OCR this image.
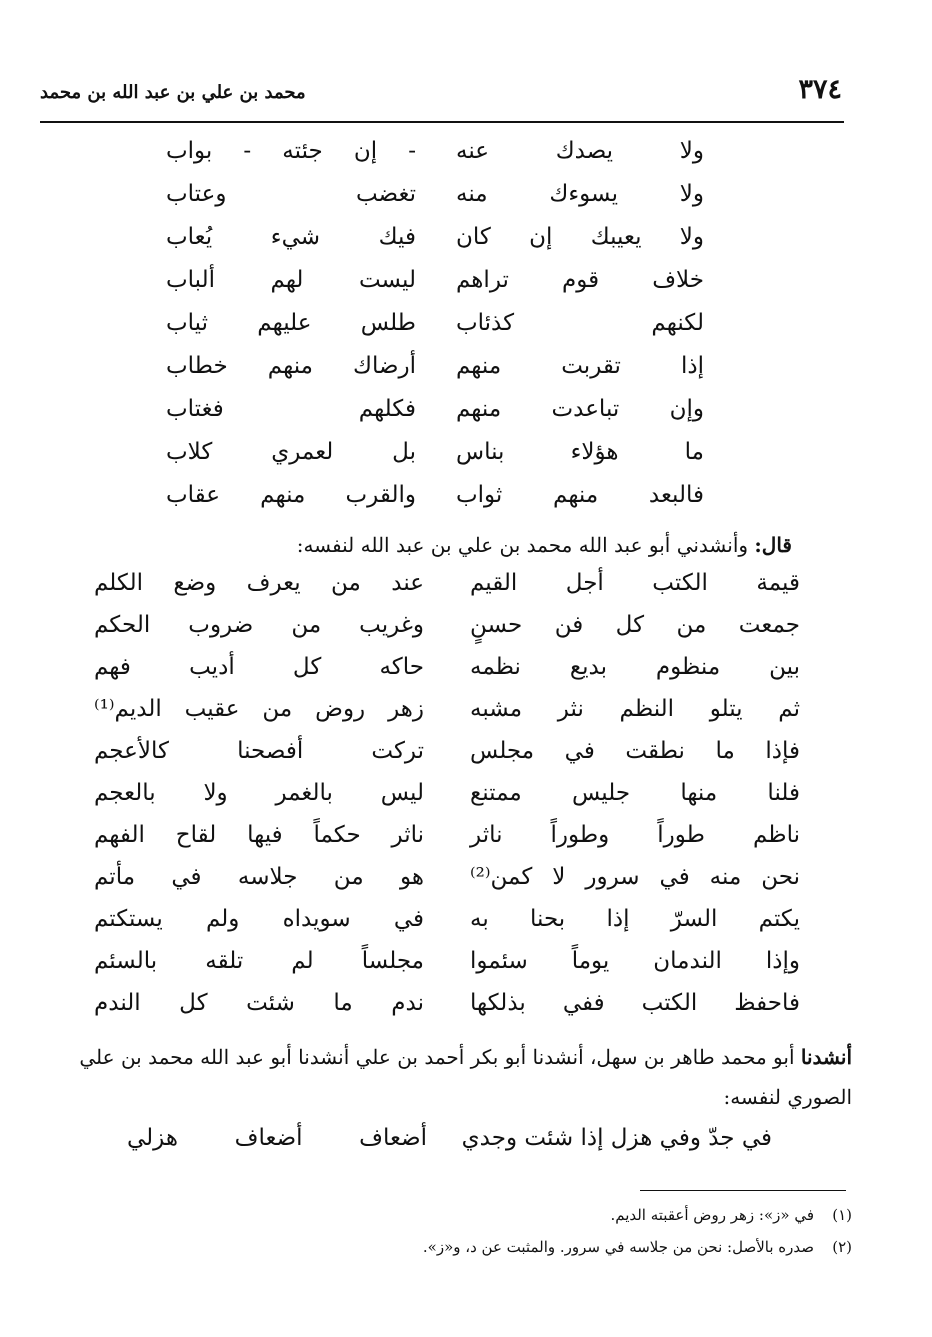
٣٧٤
محمد بن علي بن عبد الله بن محمد
ولا يصدك عنه
- إن جئته - بواب
ولا يسوءك منه
تغضب وعتاب
ولا يعيبك إن كان
فيك شيء يُعاب
خلاف قوم تراهم
ليست لهم ألباب
لكنهم كذئاب
طلس عليهم ثياب
إذا تقربت منهم
أرضاك منهم خطاب
وإن تباعدت منهم
فكلهم فغتاب
ما هؤلاء بناس
بل لعمري كلاب
فالبعد منهم ثواب
والقرب منهم عقاب
قال: وأنشدني أبو عبد الله محمد بن علي بن عبد الله لنفسه:
قيمة الكتب أجل القيم
عند من يعرف وضع الكلم
جمعت من كل فن حسنٍ
وغريب من ضروب الحكم
بين منظوم بديع نظمه
حاكه كل أديب فهم
ثم يتلو النظم نثر مشبه
زهر روض من عقيب الديم⁽¹⁾
فإذا ما نطقت في مجلس
تركت أفصحنا كالأعجم
فلنا منها جليس ممتنع
ليس بالغمر ولا بالعجم
ناظم طوراً وطوراً ناثر
ناثر حكماً فيها لقاح الفهم
نحن منه في سرور لا كمن⁽²⁾
هو من جلاسه في مأتم
يكتم السرّ إذا بحنا به
في سويداه ولم يستكتم
وإذا الندمان يوماً سئموا
مجلساً لم تلقه بالسئم
فاحفظ الكتب ففي بذلكها
ندم ما شئت كل الندم
أنشدنا أبو محمد طاهر بن سهل، أنشدنا أبو بكر أحمد بن علي أنشدنا أبو عبد الله محمد بن علي الصوري لنفسه:
في جدّ وفي هزل إذا شئت وجدي
أضعاف أضعاف هزلي
(١)في «ز»: زهر روض أعقبته الديم.
(٢)صدره بالأصل: نحن من جلاسه في سرور. والمثبت عن د، و«ز».
